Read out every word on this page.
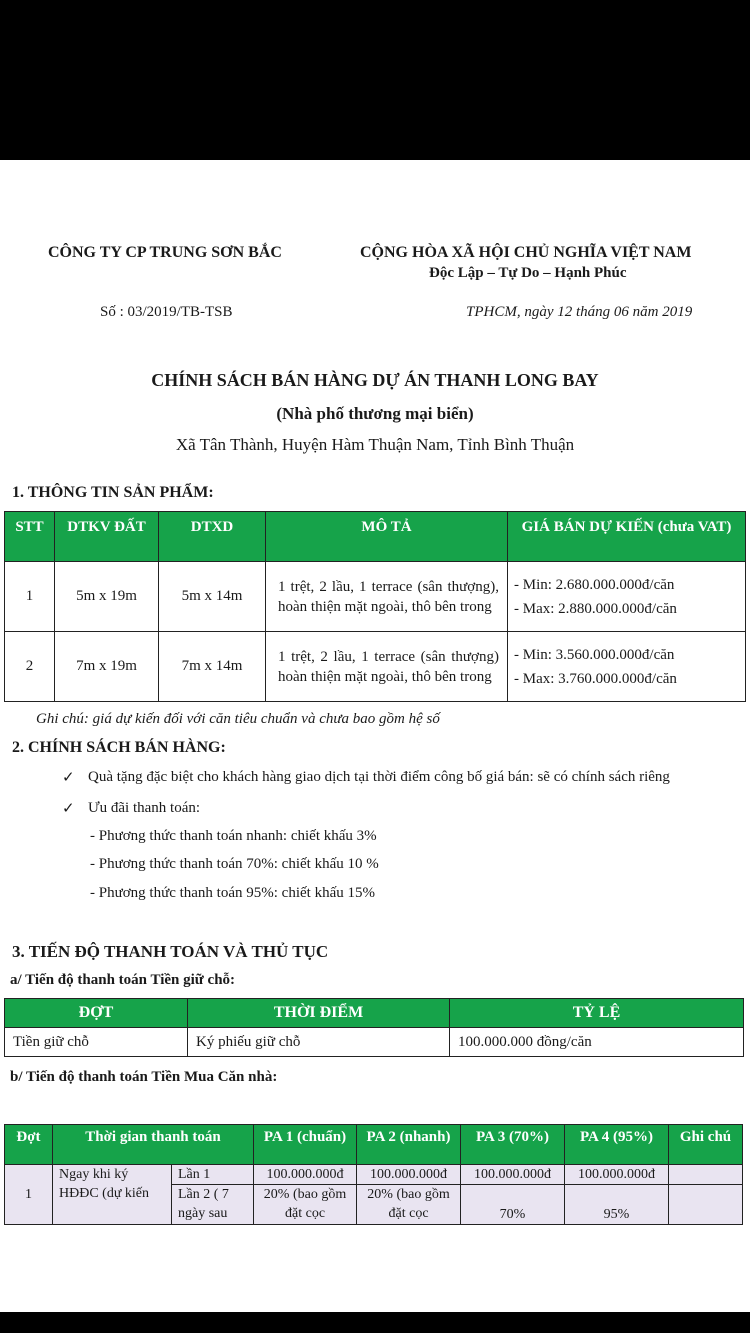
CÔNG TY CP TRUNG SƠN BẮC	CỘNG HÒA XÃ HỘI CHỦ NGHĨA VIỆT NAM
Độc Lập – Tự Do – Hạnh Phúc
Số : 03/2019/TB-TSB	TPHCM, ngày 12 tháng 06 năm 2019
CHÍNH SÁCH BÁN HÀNG DỰ ÁN THANH LONG BAY
(Nhà phố thương mại biển)
Xã Tân Thành, Huyện Hàm Thuận Nam, Tỉnh Bình Thuận
1. THÔNG TIN SẢN PHẨM:
STT	DTKV ĐẤT	DTXD	MÔ TẢ	GIÁ BÁN DỰ KIẾN (chưa VAT)
1	5m x 19m	5m x 14m	1 trệt, 2 lầu, 1 terrace (sân thượng), hoàn thiện mặt ngoài, thô bên trong	- Min: 2.680.000.000đ/căn
- Max: 2.880.000.000đ/căn

2	7m x 19m	7m x 14m	1 trệt, 2 lầu, 1 terrace (sân thượng) hoàn thiện mặt ngoài, thô bên trong	- Min: 3.560.000.000đ/căn
- Max: 3.760.000.000đ/căn
Ghi chú: giá dự kiến đối với căn tiêu chuẩn và chưa bao gồm hệ số
2. CHÍNH SÁCH BÁN HÀNG:
✓ Quà tặng đặc biệt cho khách hàng giao dịch tại thời điểm công bố giá bán: sẽ có chính sách riêng
✓ Ưu đãi thanh toán:
- Phương thức thanh toán nhanh: chiết khấu 3%
- Phương thức thanh toán 70%: chiết khấu 10 %
- Phương thức thanh toán 95%: chiết khấu 15%
3. TIẾN ĐỘ THANH TOÁN VÀ THỦ TỤC
a/ Tiến độ thanh toán Tiền giữ chỗ:
ĐỢT	THỜI ĐIỂM	TỶ LỆ
Tiền giữ chỗ	Ký phiếu giữ chỗ	100.000.000 đồng/căn
b/ Tiến độ thanh toán Tiền Mua Căn nhà:
Đợt	Thời gian thanh toán		PA 1 (chuẩn)	PA 2 (nhanh)	PA 3 (70%)	PA 4 (95%)	Ghi chú
1	Ngay khi ký HĐĐC (dự kiến	Lần 1	100.000.000đ	100.000.000đ	100.000.000đ	100.000.000đ	
		Lần 2 ( 7 ngày sau	20% (bao gồm đặt cọc	20% (bao gồm đặt cọc	70%	95%	
